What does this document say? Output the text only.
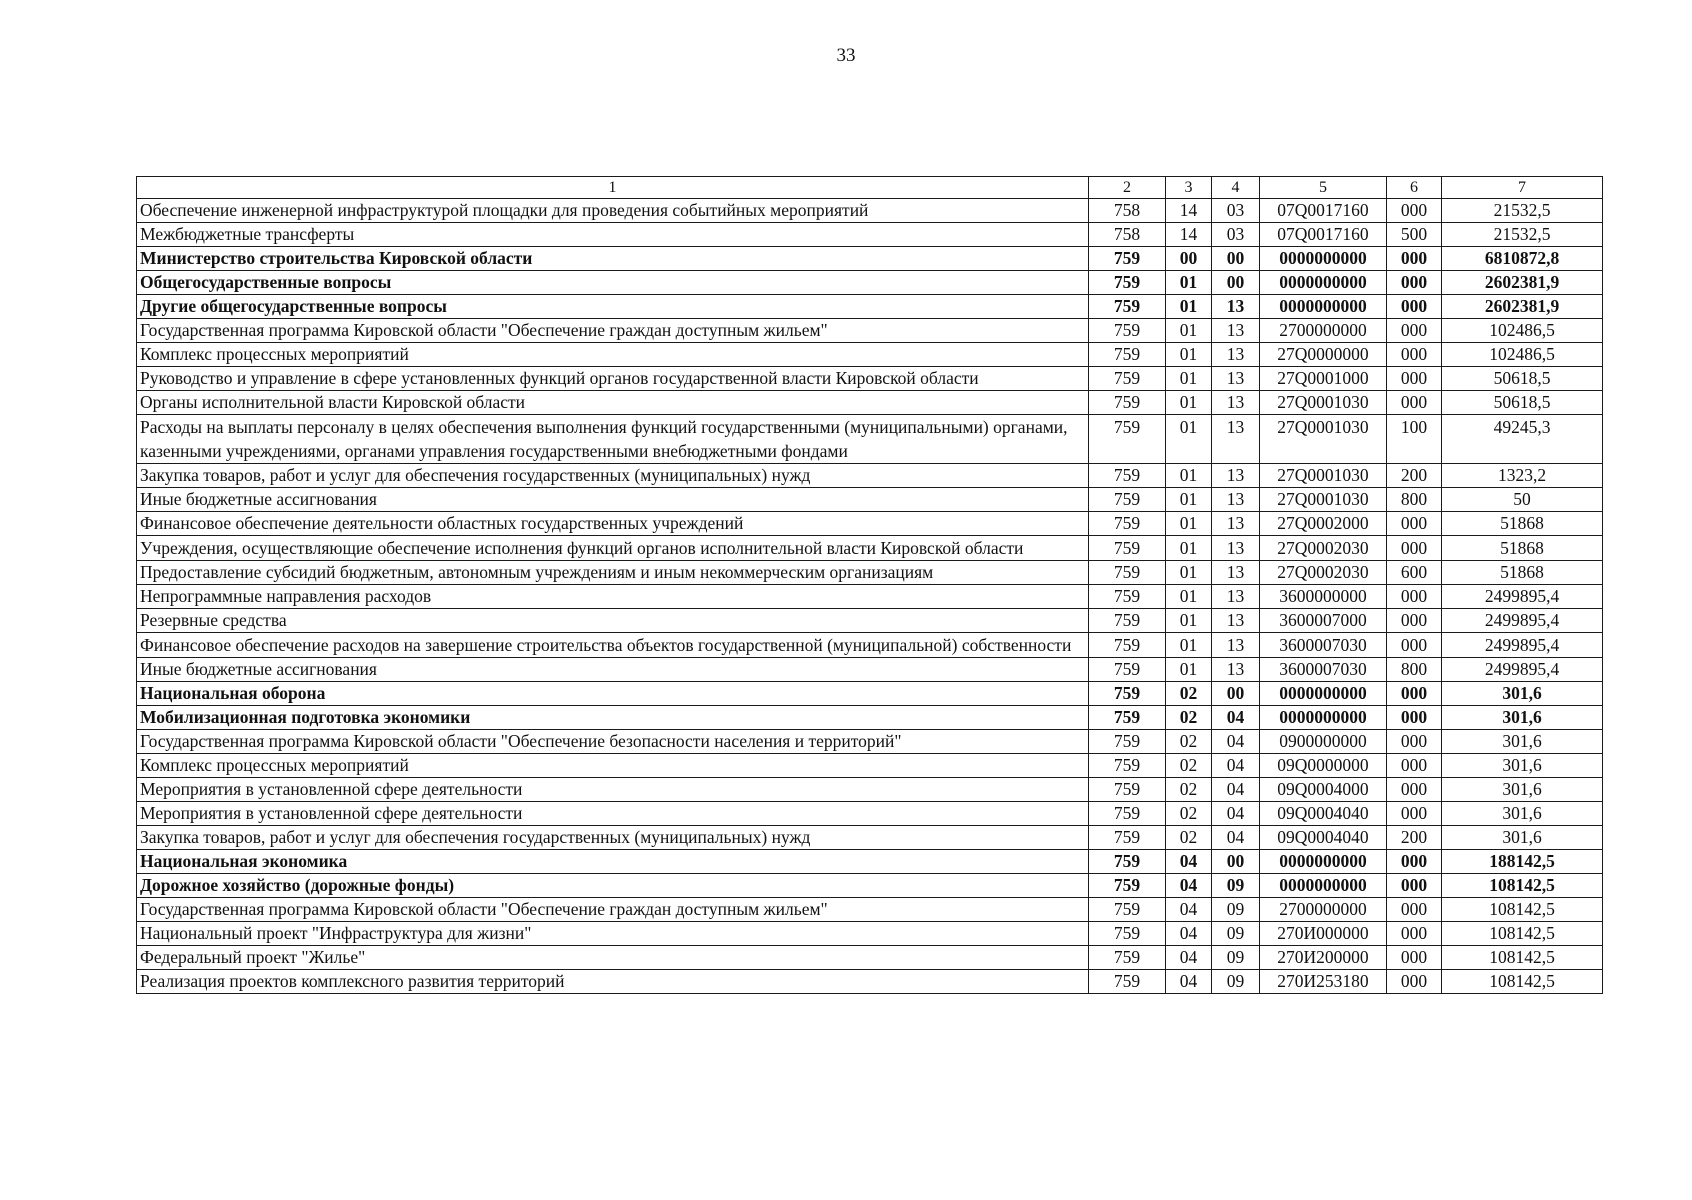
33
1	2	3	4	5	6	7
Обеспечение инженерной инфраструктурой площадки для проведения событийных мероприятий	758	14	03	07Q0017160	000	21532,5
Межбюджетные трансферты	758	14	03	07Q0017160	500	21532,5
Министерство строительства Кировской области	759	00	00	0000000000	000	6810872,8
Общегосударственные вопросы	759	01	00	0000000000	000	2602381,9
Другие общегосударственные вопросы	759	01	13	0000000000	000	2602381,9
Государственная программа Кировской области "Обеспечение граждан доступным жильем"	759	01	13	2700000000	000	102486,5
Комплекс процессных мероприятий	759	01	13	27Q0000000	000	102486,5
Руководство и управление в сфере установленных функций органов государственной власти Кировской области	759	01	13	27Q0001000	000	50618,5
Органы исполнительной власти Кировской области	759	01	13	27Q0001030	000	50618,5
Расходы на выплаты персоналу в целях обеспечения выполнения функций государственными (муниципальными) органами, казенными учреждениями, органами управления государственными внебюджетными фондами	759	01	13	27Q0001030	100	49245,3
Закупка товаров, работ и услуг для обеспечения государственных (муниципальных) нужд	759	01	13	27Q0001030	200	1323,2
Иные бюджетные ассигнования	759	01	13	27Q0001030	800	50
Финансовое обеспечение деятельности областных государственных учреждений	759	01	13	27Q0002000	000	51868
Учреждения, осуществляющие обеспечение исполнения функций органов исполнительной власти Кировской области	759	01	13	27Q0002030	000	51868
Предоставление субсидий бюджетным, автономным учреждениям и иным некоммерческим организациям	759	01	13	27Q0002030	600	51868
Непрограммные направления расходов	759	01	13	3600000000	000	2499895,4
Резервные средства	759	01	13	3600007000	000	2499895,4
Финансовое обеспечение расходов на завершение строительства объектов государственной (муниципальной) собственности	759	01	13	3600007030	000	2499895,4
Иные бюджетные ассигнования	759	01	13	3600007030	800	2499895,4
Национальная оборона	759	02	00	0000000000	000	301,6
Мобилизационная подготовка экономики	759	02	04	0000000000	000	301,6
Государственная программа Кировской области "Обеспечение безопасности населения и территорий"	759	02	04	0900000000	000	301,6
Комплекс процессных мероприятий	759	02	04	09Q0000000	000	301,6
Мероприятия в установленной сфере деятельности	759	02	04	09Q0004000	000	301,6
Мероприятия в установленной сфере деятельности	759	02	04	09Q0004040	000	301,6
Закупка товаров, работ и услуг для обеспечения государственных (муниципальных) нужд	759	02	04	09Q0004040	200	301,6
Национальная экономика	759	04	00	0000000000	000	188142,5
Дорожное хозяйство (дорожные фонды)	759	04	09	0000000000	000	108142,5
Государственная программа Кировской области "Обеспечение граждан доступным жильем"	759	04	09	2700000000	000	108142,5
Национальный проект "Инфраструктура для жизни"	759	04	09	270И000000	000	108142,5
Федеральный проект "Жилье"	759	04	09	270И200000	000	108142,5
Реализация проектов комплексного развития территорий	759	04	09	270И253180	000	108142,5
